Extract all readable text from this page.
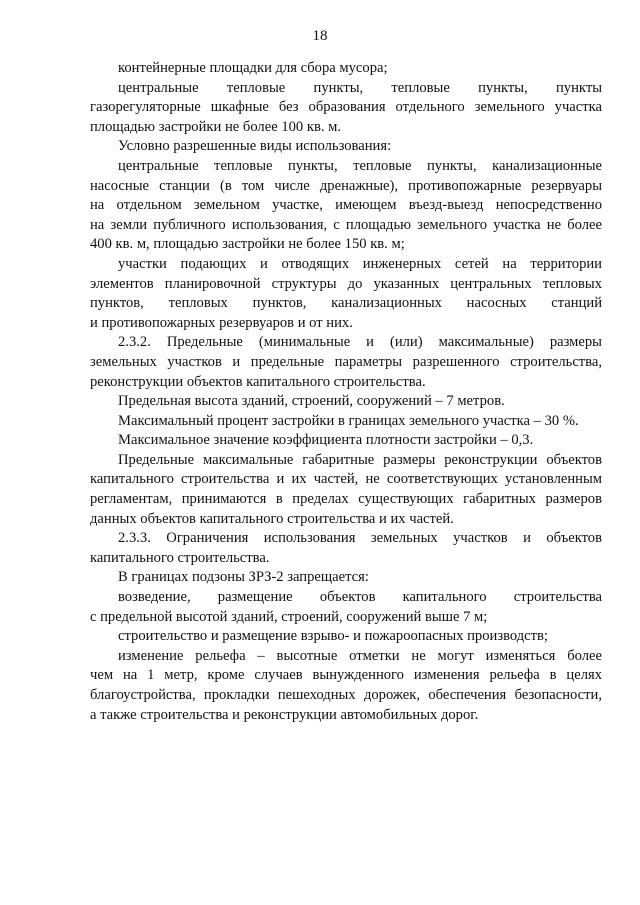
18
контейнерные площадки для сбора мусора;
центральные тепловые пункты, тепловые пункты, пункты
газорегуляторные шкафные без образования отдельного земельного участка
площадью застройки не более 100 кв. м.
Условно разрешенные виды использования:
центральные тепловые пункты, тепловые пункты, канализационные
насосные станции (в том числе дренажные), противопожарные резервуары
на отдельном земельном участке, имеющем въезд-выезд непосредственно
на земли публичного использования, с площадью земельного участка не более
400 кв. м, площадью застройки не более 150 кв. м;
участки подающих и отводящих инженерных сетей на территории
элементов планировочной структуры до указанных центральных тепловых
пунктов, тепловых пунктов, канализационных насосных станций
и противопожарных резервуаров и от них.
2.3.2. Предельные (минимальные и (или) максимальные) размеры
земельных участков и предельные параметры разрешенного строительства,
реконструкции объектов капитального строительства.
Предельная высота зданий, строений, сооружений – 7 метров.
Максимальный процент застройки в границах земельного участка – 30 %.
Максимальное значение коэффициента плотности застройки – 0,3.
Предельные максимальные габаритные размеры реконструкции объектов
капитального строительства и их частей, не соответствующих установленным
регламентам, принимаются в пределах существующих габаритных размеров
данных объектов капитального строительства и их частей.
2.3.3. Ограничения использования земельных участков и объектов
капитального строительства.
В границах подзоны ЗРЗ-2 запрещается:
возведение, размещение объектов капитального строительства
с предельной высотой зданий, строений, сооружений выше 7 м;
строительство и размещение взрыво- и пожароопасных производств;
изменение рельефа – высотные отметки не могут изменяться более
чем на 1 метр, кроме случаев вынужденного изменения рельефа в целях
благоустройства, прокладки пешеходных дорожек, обеспечения безопасности,
а также строительства и реконструкции автомобильных дорог.
